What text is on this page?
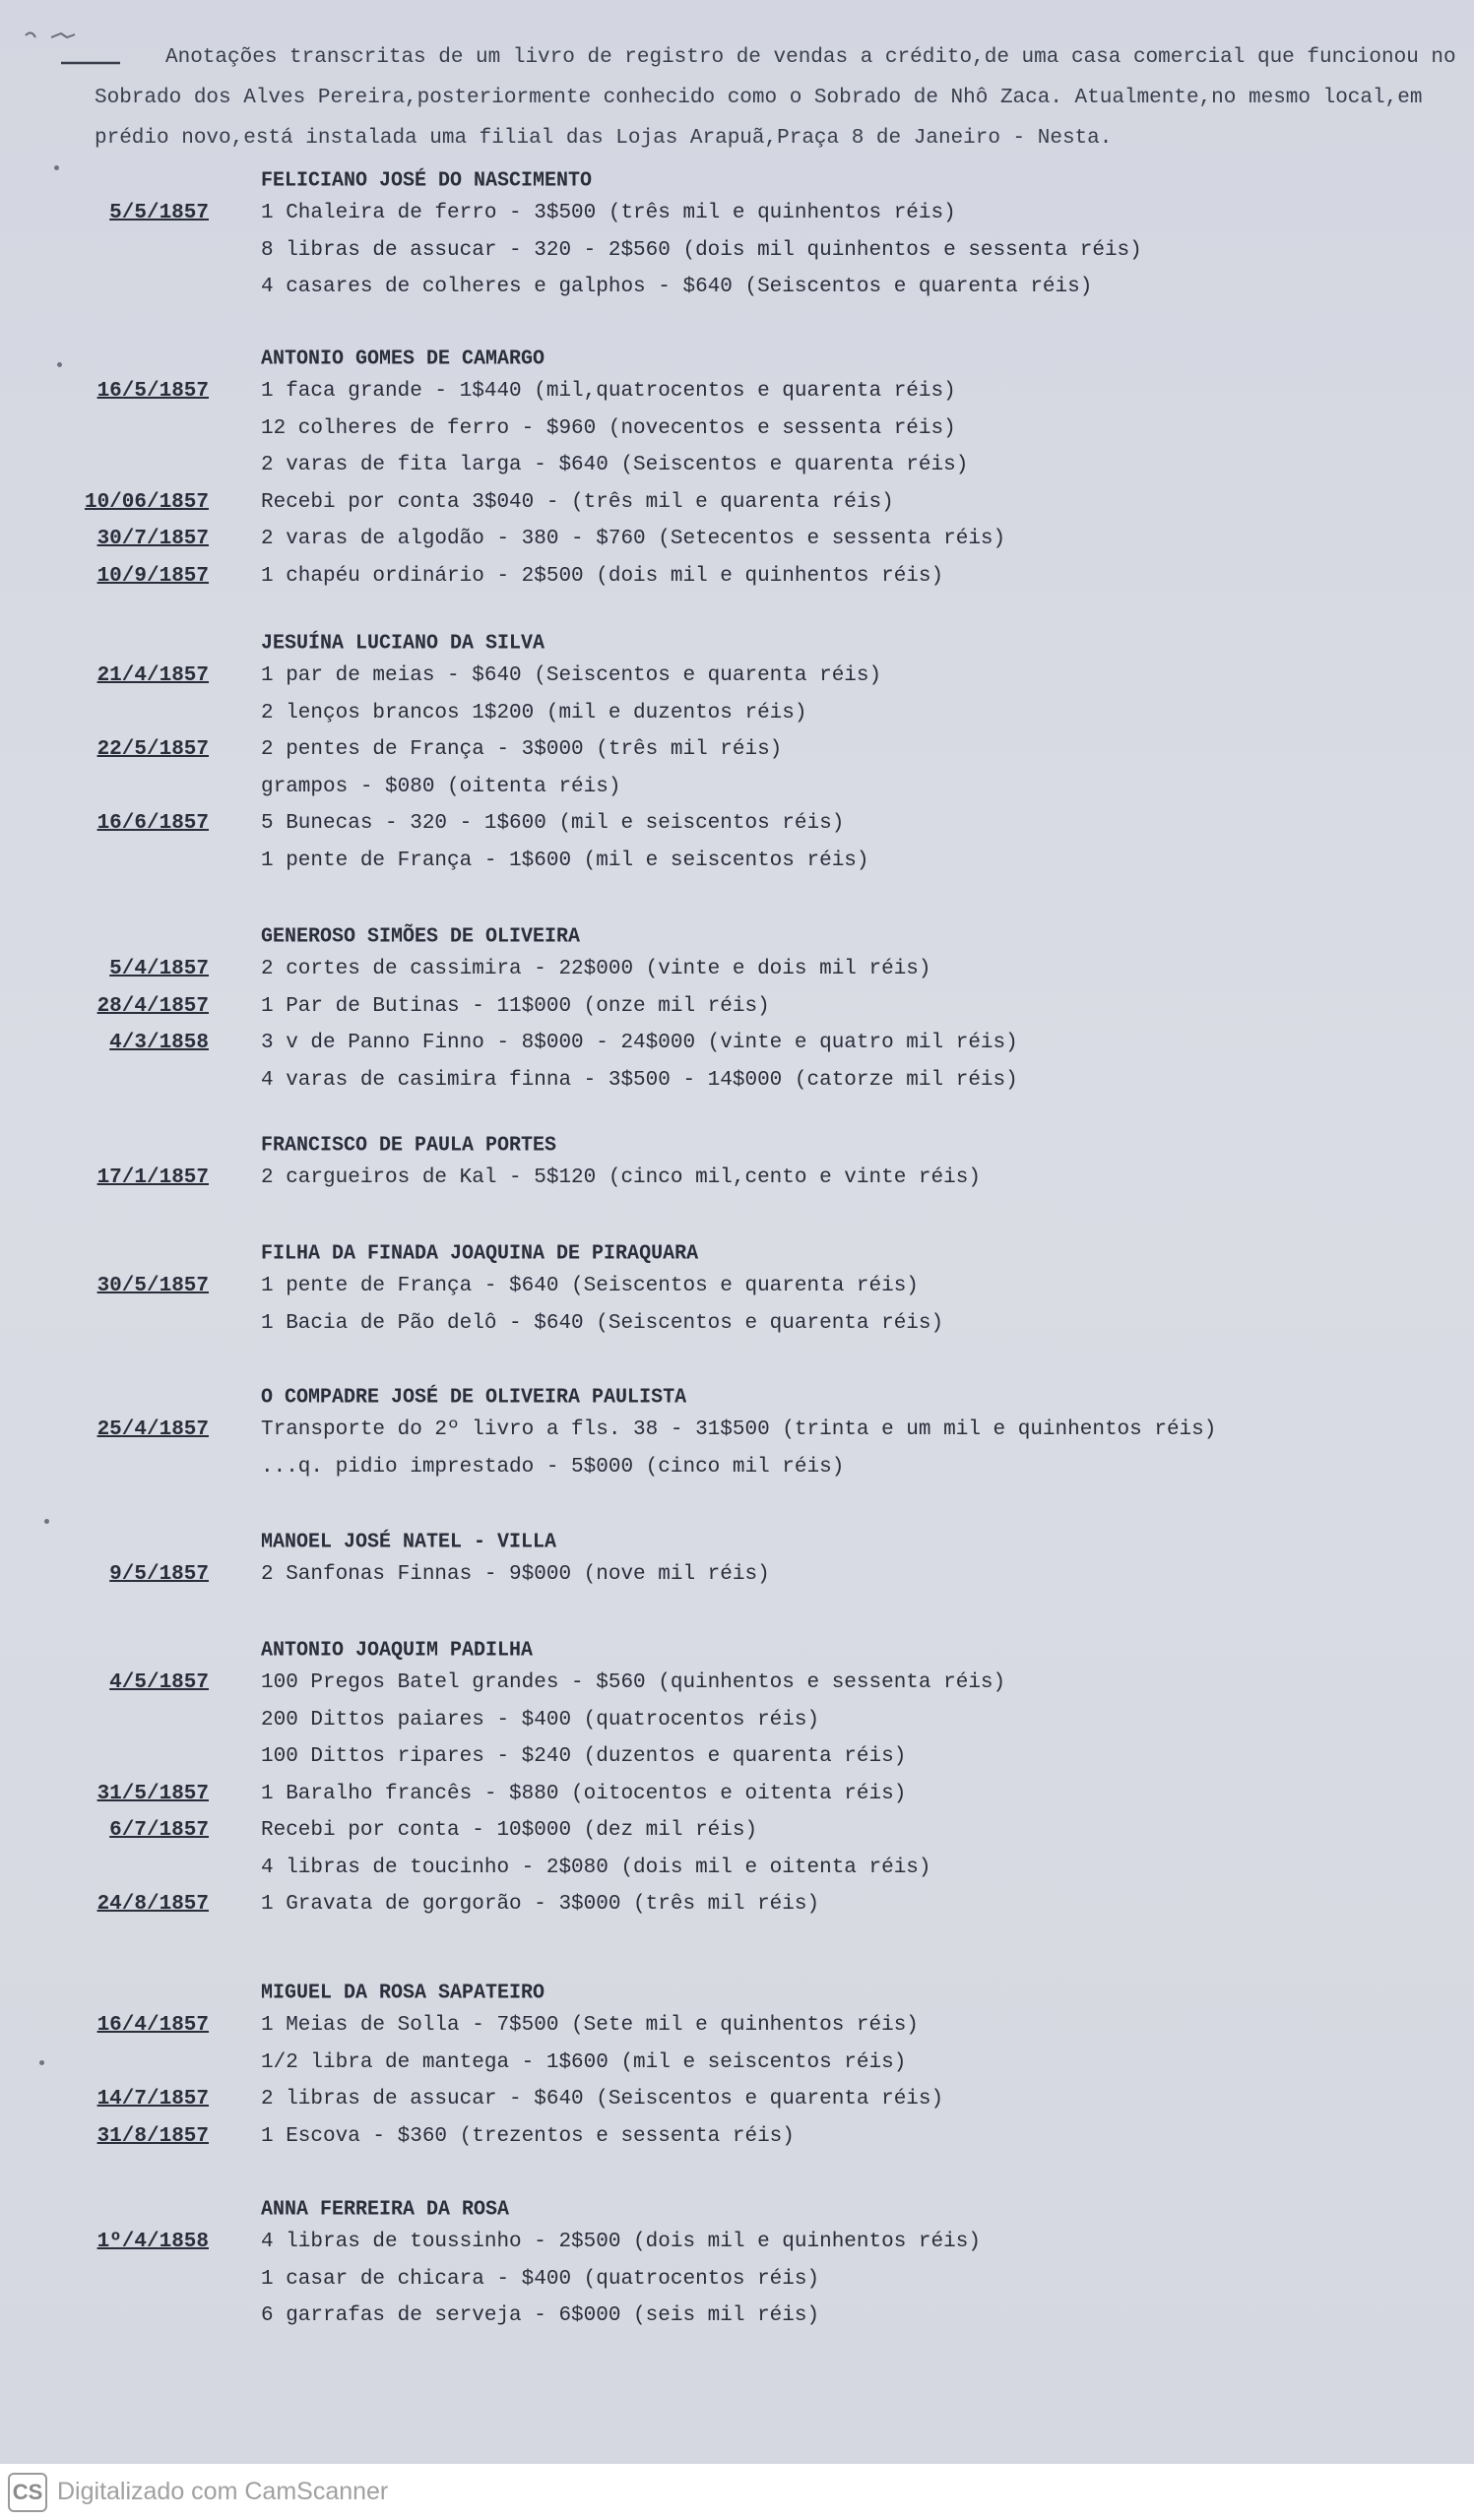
Anotações transcritas de um livro de registro de vendas a crédito,de uma casa comercial que funcionou no Sobrado dos Alves Pereira,posteriormente conhecido como o Sobrado de Nhô Zaca. Atualmente,no mesmo local,em prédio novo,está instalada uma filial das Lojas Arapuã,Praça 8 de Janeiro - Nesta.
FELICIANO JOSÉ DO NASCIMENTO
5/5/1857	1 Chaleira de ferro - 3$500 (três mil e quinhentos réis)
8 libras de assucar - 320 - 2$560 (dois mil quinhentos e sessenta réis)
4 casares de colheres e galphos - $640 (Seiscentos e quarenta réis)
ANTONIO GOMES DE CAMARGO
16/5/1857	1 faca grande - 1$440 (mil,quatrocentos e quarenta réis)
12 colheres de ferro - $960 (novecentos e sessenta réis)
2 varas de fita larga - $640 (Seiscentos e quarenta réis)
10/06/1857	Recebi por conta 3$040 - (três mil e quarenta réis)
30/7/1857	2 varas de algodão - 380 - $760 (Setecentos e sessenta réis)
10/9/1857	1 chapéu ordinário - 2$500 (dois mil e quinhentos réis)
JESUÍNA LUCIANO DA SILVA
21/4/1857	1 par de meias - $640 (Seiscentos e quarenta réis)
2 lenços brancos 1$200 (mil e duzentos réis)
22/5/1857	2 pentes de França - 3$000 (três mil réis)
grampos - $080 (oitenta réis)
16/6/1857	5 Bunecas - 320 - 1$600 (mil e seiscentos réis)
1 pente de França - 1$600 (mil e seiscentos réis)
GENEROSO SIMÕES DE OLIVEIRA
5/4/1857	2 cortes de cassimira - 22$000 (vinte e dois mil réis)
28/4/1857	1 Par de Butinas - 11$000 (onze mil réis)
4/3/1858	3 v de Panno Finno - 8$000 - 24$000 (vinte e quatro mil réis)
4 varas de casimira finna - 3$500 - 14$000 (catorze mil réis)
FRANCISCO DE PAULA PORTES
17/1/1857	2 cargueiros de Kal - 5$120 (cinco mil,cento e vinte réis)
FILHA DA FINADA JOAQUINA DE PIRAQUARA
30/5/1857	1 pente de França - $640 (Seiscentos e quarenta réis)
1 Bacia de Pão delô - $640 (Seiscentos e quarenta réis)
O COMPADRE JOSÉ DE OLIVEIRA PAULISTA
25/4/1857	Transporte do 2º livro a fls. 38 - 31$500 (trinta e um mil e quinhentos réis)
...q. pidio imprestado - 5$000 (cinco mil réis)
MANOEL JOSÉ NATEL - VILLA
9/5/1857	2 Sanfonas Finnas - 9$000 (nove mil réis)
ANTONIO JOAQUIM PADILHA
4/5/1857	100 Pregos Batel grandes - $560 (quinhentos e sessenta réis)
200 Dittos paiares - $400 (quatrocentos réis)
100 Dittos ripares - $240 (duzentos e quarenta réis)
31/5/1857	1 Baralho francês - $880 (oitocentos e oitenta réis)
6/7/1857	Recebi por conta - 10$000 (dez mil réis)
4 libras de toucinho - 2$080 (dois mil e oitenta réis)
24/8/1857	1 Gravata de gorgorão - 3$000 (três mil réis)
MIGUEL DA ROSA SAPATEIRO
16/4/1857	1 Meias de Solla - 7$500 (Sete mil e quinhentos réis)
1/2 libra de mantega - 1$600 (mil e seiscentos réis)
14/7/1857	2 libras de assucar - $640 (Seiscentos e quarenta réis)
31/8/1857	1 Escova - $360 (trezentos e sessenta réis)
ANNA FERREIRA DA ROSA
1º/4/1858	4 libras de toussinho - 2$500 (dois mil e quinhentos réis)
1 casar de chicara - $400 (quatrocentos réis)
6 garrafas de serveja - 6$000 (seis mil réis)
CS Digitalizado com CamScanner
